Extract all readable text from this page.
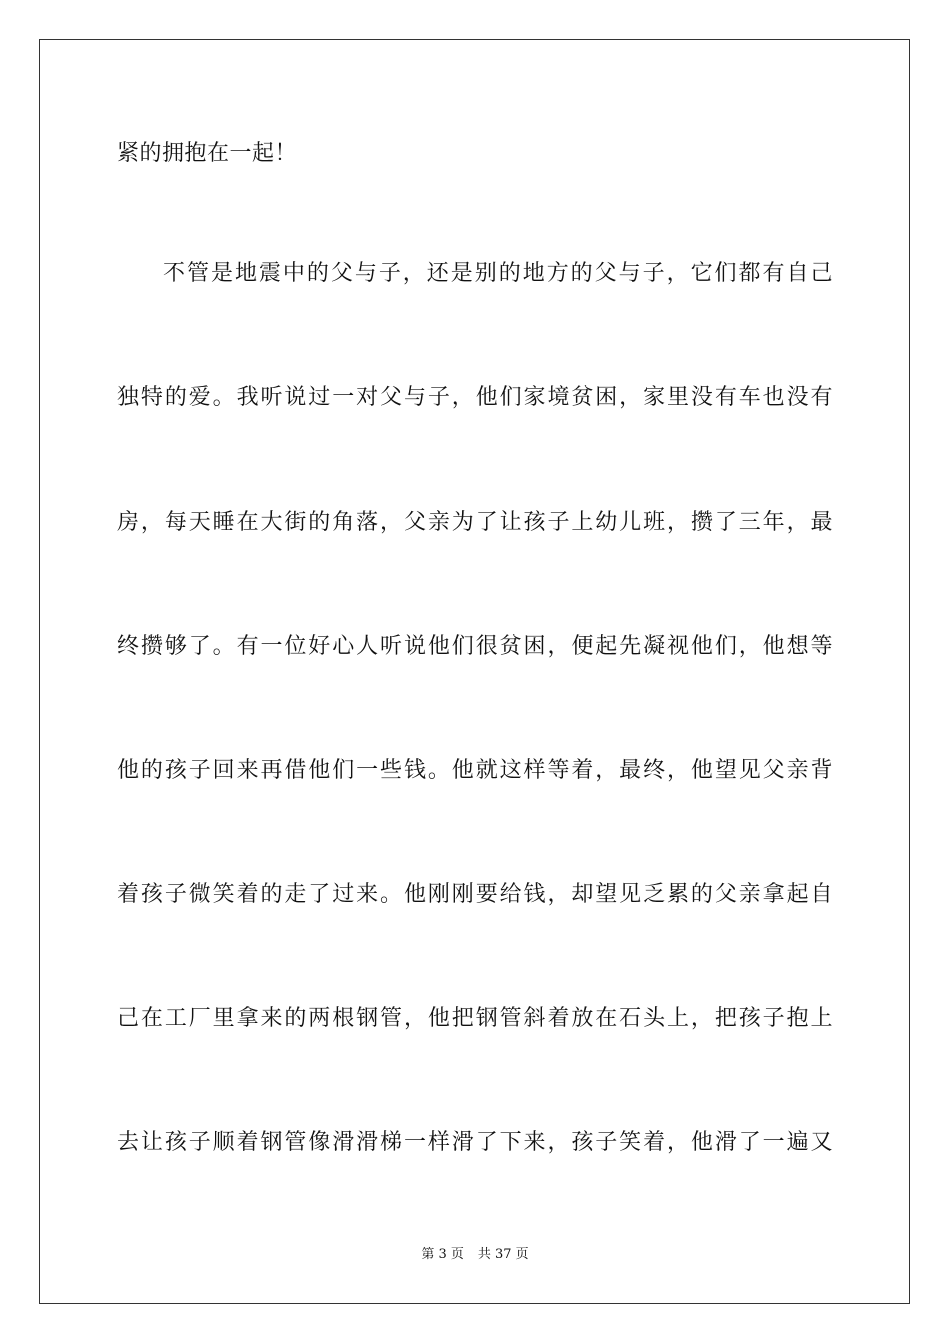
紧的拥抱在一起！
不管是地震中的父与子，还是别的地方的父与子，它们都有自己
独特的爱。我听说过一对父与子，他们家境贫困，家里没有车也没有
房，每天睡在大街的角落，父亲为了让孩子上幼儿班，攒了三年，最
终攒够了。有一位好心人听说他们很贫困，便起先凝视他们，他想等
他的孩子回来再借他们一些钱。他就这样等着，最终，他望见父亲背
着孩子微笑着的走了过来。他刚刚要给钱，却望见乏累的父亲拿起自
己在工厂里拿来的两根钢管，他把钢管斜着放在石头上，把孩子抱上
去让孩子顺着钢管像滑滑梯一样滑了下来，孩子笑着，他滑了一遍又
第 3 页 共 37 页
